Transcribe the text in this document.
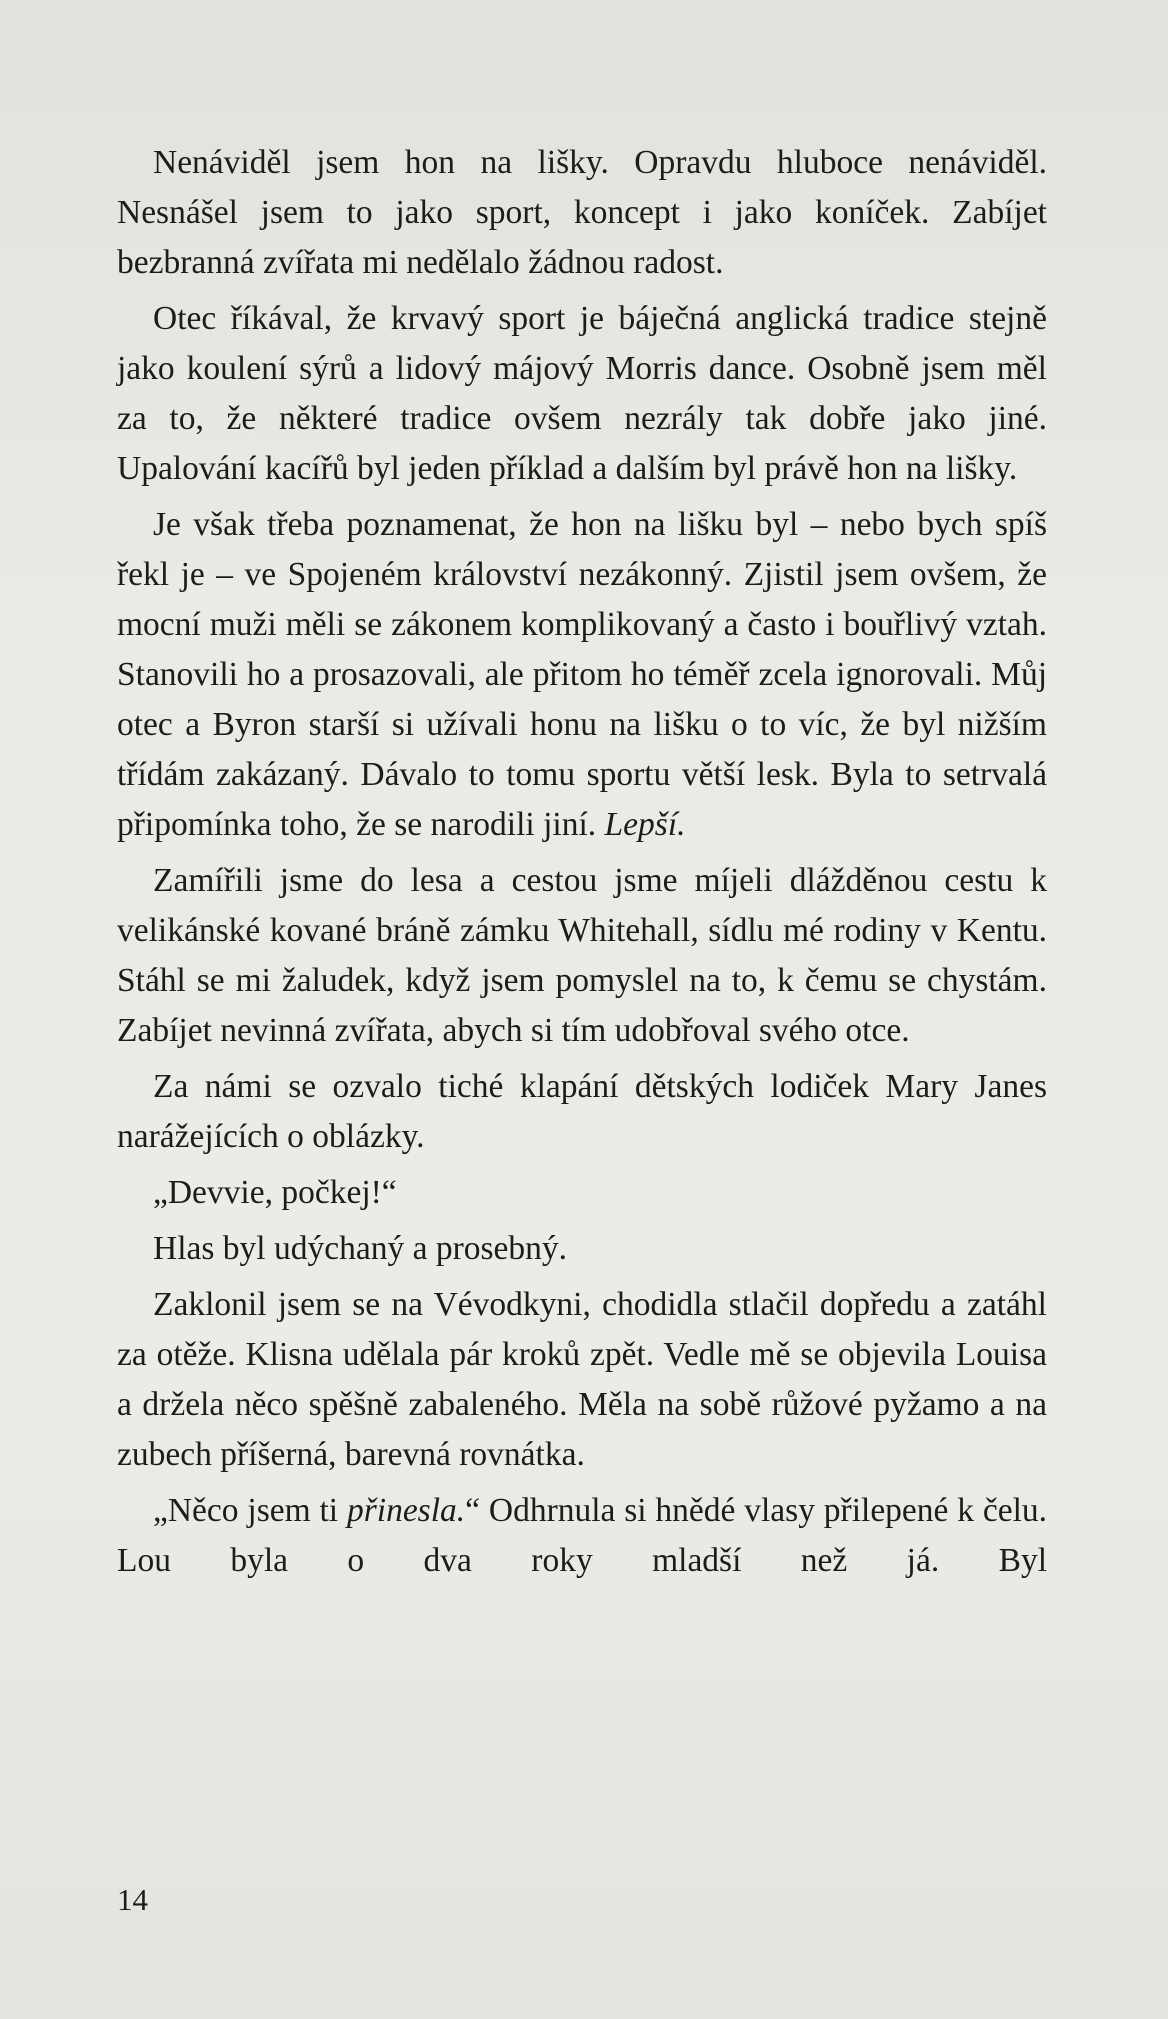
Nenáviděl jsem hon na lišky. Opravdu hluboce nenáviděl. Nesnášel jsem to jako sport, koncept i jako koníček. Zabíjet bezbranná zvířata mi nedělalo žádnou radost.

Otec říkával, že krvavý sport je báječná anglická tradice stejně jako koulení sýrů a lidový májový Morris dance. Osobně jsem měl za to, že některé tradice ovšem nezrály tak dobře jako jiné. Upalování kacířů byl jeden příklad a dalším byl právě hon na lišky.

Je však třeba poznamenat, že hon na lišku byl – nebo bych spíš řekl je – ve Spojeném království nezákonný. Zjistil jsem ovšem, že mocní muži měli se zákonem komplikovaný a často i bouřlivý vztah. Stanovili ho a prosazovali, ale přitom ho téměř zcela ignorovali. Můj otec a Byron starší si užívali honu na lišku o to víc, že byl nižším třídám zakázaný. Dávalo to tomu sportu větší lesk. Byla to setrvalá připomínka toho, že se narodili jiní. Lepší.

Zamířili jsme do lesa a cestou jsme míjeli dlážděnou cestu k velikánské kované bráně zámku Whitehall, sídlu mé rodiny v Kentu. Stáhl se mi žaludek, když jsem pomyslel na to, k čemu se chystám. Zabíjet nevinná zvířata, abych si tím udobřoval svého otce.

Za námi se ozvalo tiché klapání dětských lodiček Mary Janes narážejících o oblázky.

„Devvie, počkej!“

Hlas byl udýchaný a prosebný.

Zaklonil jsem se na Vévodkyni, chodidla stlačil dopředu a zatáhl za otěže. Klisna udělala pár kroků zpět. Vedle mě se objevila Louisa a držela něco spěšně zabaleného. Měla na sobě růžové pyžamo a na zubech příšerná, barevná rovnátka.

„Něco jsem ti přinesla.“ Odhrnula si hnědé vlasy přilepené k čelu. Lou byla o dva roky mladší než já. Byl

14
